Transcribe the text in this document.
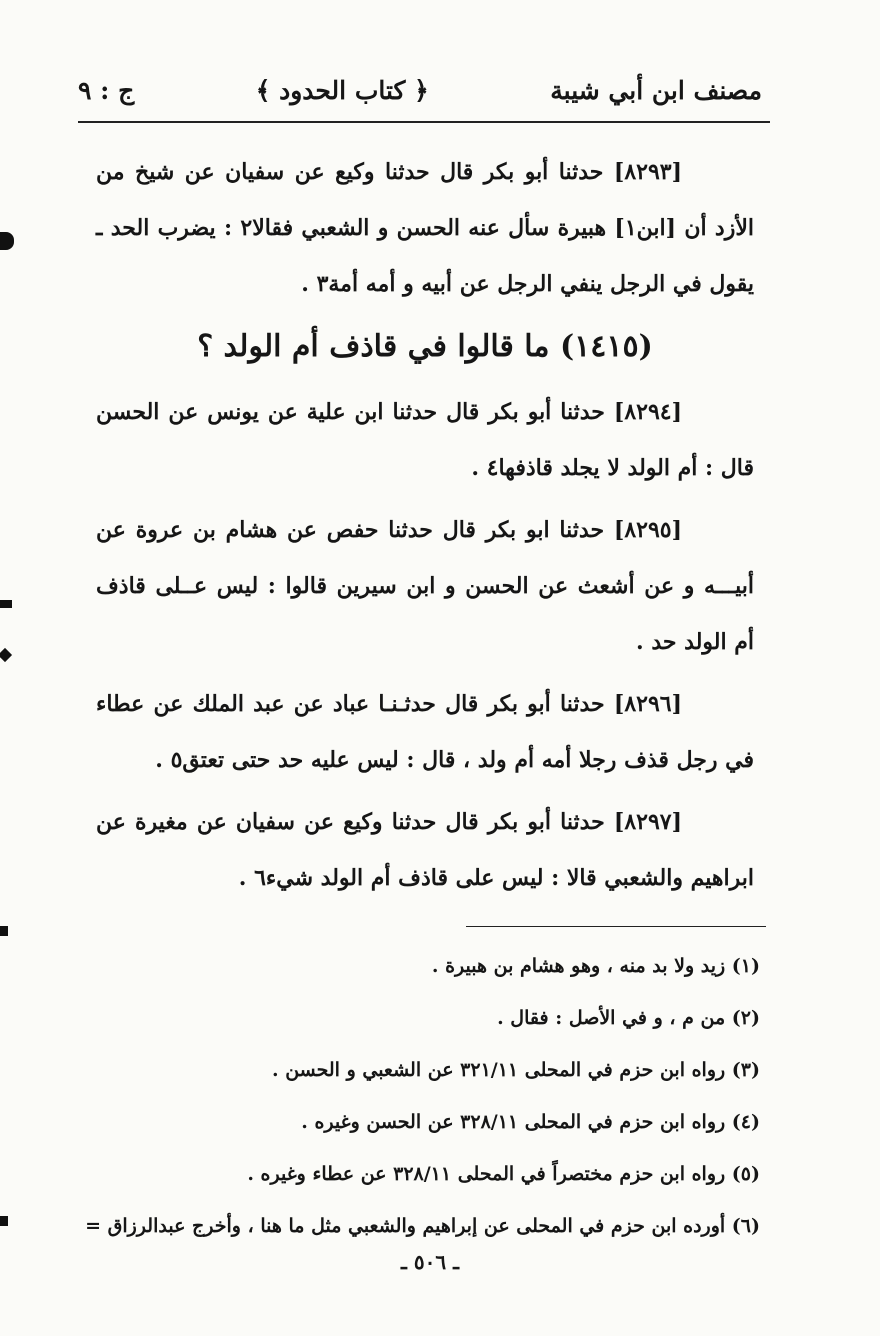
مصنف ابن أبي شيبة
﴿ كتاب الحدود ﴾
ج : ٩

[٨٢٩٣] حدثنا أبو بكر قال حدثنا وكيع عن سفيان عن شيخ من الأزد أن [ابن١] هبيرة سأل عنه الحسن و الشعبي فقالا٢ : يضرب الحد ـ يقول في الرجل ينفي الرجل عن أبيه و أمه أمة٣ .

(١٤١٥) ما قالوا في قاذف أم الولد ؟

[٨٢٩٤] حدثنا أبو بكر قال حدثنا ابن علية عن يونس عن الحسن قال : أم الولد لا يجلد قاذفها٤ .

[٨٢٩٥] حدثنا ابو بكر قال حدثنا حفص عن هشام بن عروة عن أبيـــه و عن أشعث عن الحسن و ابن سيرين قالوا : ليس عــلى قاذف أم الولد حد .

[٨٢٩٦] حدثنا أبو بكر قال حدثـنـا عباد عن عبد الملك عن عطاء في رجل قذف رجلا أمه أم ولد ، قال : ليس عليه حد حتى تعتق٥ .

[٨٢٩٧] حدثنا أبو بكر قال حدثنا وكيع عن سفيان عن مغيرة عن ابراهيم والشعبي قالا : ليس على قاذف أم الولد شيء٦ .

(١) زيد ولا بد منه ، وهو هشام بن هبيرة .

(٢) من م ، و في الأصل : فقال .

(٣) رواه ابن حزم في المحلى ٣٢١/١١ عن الشعبي و الحسن .

(٤) رواه ابن حزم في المحلى ٣٢٨/١١ عن الحسن وغيره .

(٥) رواه ابن حزم مختصراً في المحلى ٣٢٨/١١ عن عطاء وغيره .

(٦) أورده ابن حزم في المحلى عن إبراهيم والشعبي مثل ما هنا ، وأخرج عبدالرزاق =

ـ ٥٠٦ ـ
